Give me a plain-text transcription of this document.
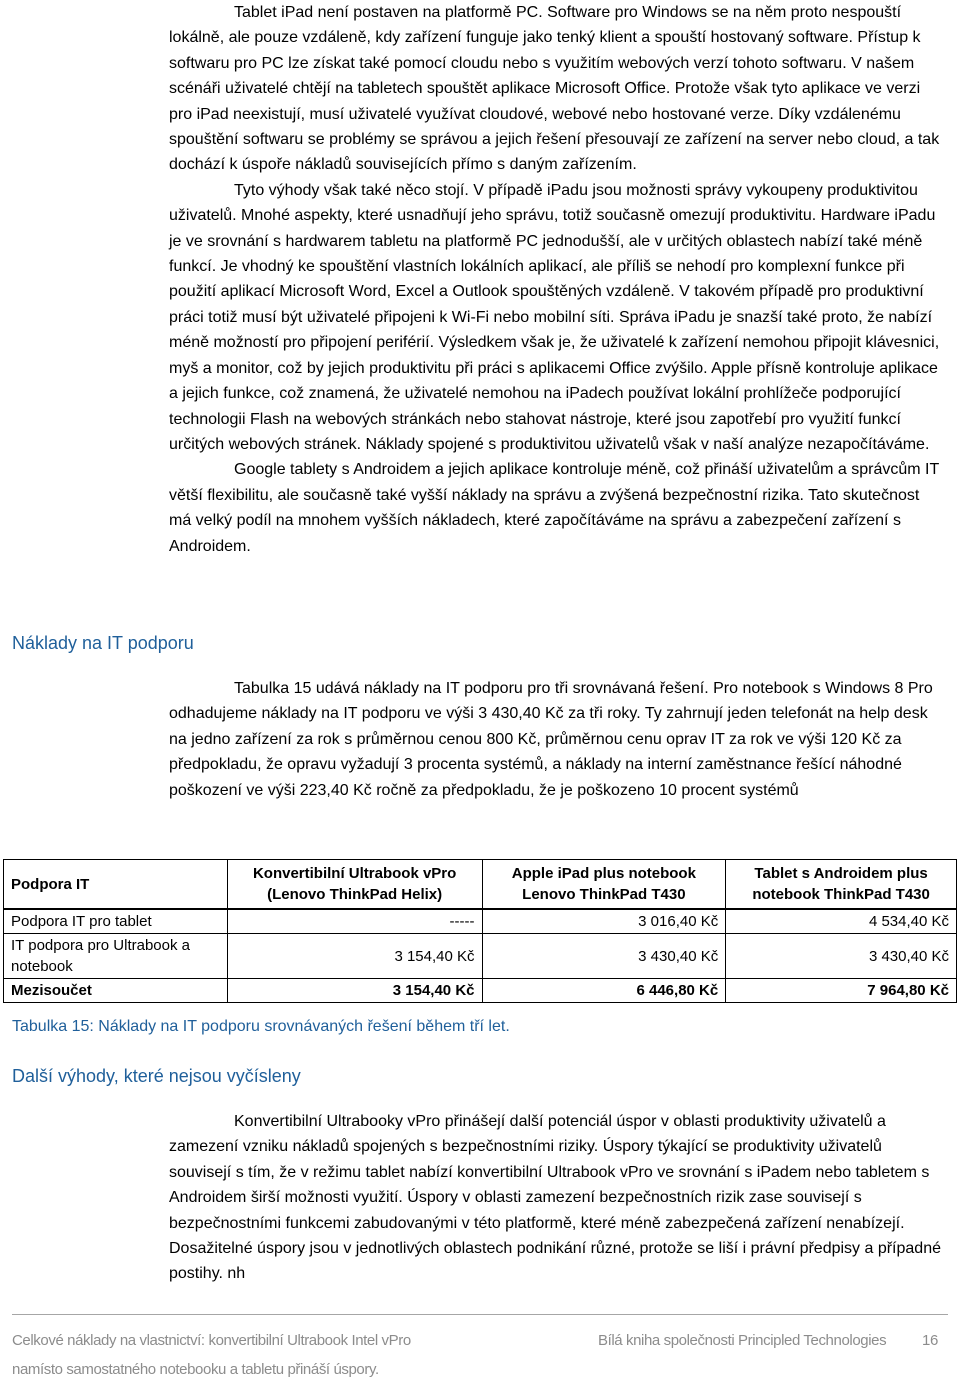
Tablet iPad není postaven na platformě PC. Software pro Windows se na něm proto nespouští lokálně, ale pouze vzdáleně, kdy zařízení funguje jako tenký klient a spouští hostovaný software. Přístup k softwaru pro PC lze získat také pomocí cloudu nebo s využitím webových verzí tohoto softwaru. V našem scénáři uživatelé chtějí na tabletech spouštět aplikace Microsoft Office. Protože však tyto aplikace ve verzi pro iPad neexistují, musí uživatelé využívat cloudové, webové nebo hostované verze. Díky vzdálenému spouštění softwaru se problémy se správou a jejich řešení přesouvají ze zařízení na server nebo cloud, a tak dochází k úspoře nákladů souvisejících přímo s daným zařízením.

Tyto výhody však také něco stojí. V případě iPadu jsou možnosti správy vykoupeny produktivitou uživatelů. Mnohé aspekty, které usnadňují jeho správu, totiž současně omezují produktivitu. Hardware iPadu je ve srovnání s hardwarem tabletu na platformě PC jednodušší, ale v určitých oblastech nabízí také méně funkcí. Je vhodný ke spouštění vlastních lokálních aplikací, ale příliš se nehodí pro komplexní funkce při použití aplikací Microsoft Word, Excel a Outlook spouštěných vzdáleně. V takovém případě pro produktivní práci totiž musí být uživatelé připojeni k Wi-Fi nebo mobilní síti. Správa iPadu je snazší také proto, že nabízí méně možností pro připojení periférií. Výsledkem však je, že uživatelé k zařízení nemohou připojit klávesnici, myš a monitor, což by jejich produktivitu při práci s aplikacemi Office zvýšilo. Apple přísně kontroluje aplikace a jejich funkce, což znamená, že uživatelé nemohou na iPadech používat lokální prohlížeče podporující technologii Flash na webových stránkách nebo stahovat nástroje, které jsou zapotřebí pro využití funkcí určitých webových stránek. Náklady spojené s produktivitou uživatelů však v naší analýze nezapočítáváme.

Google tablety s Androidem a jejich aplikace kontroluje méně, což přináší uživatelům a správcům IT větší flexibilitu, ale současně také vyšší náklady na správu a zvýšená bezpečnostní rizika. Tato skutečnost má velký podíl na mnohem vyšších nákladech, které započítáváme na správu a zabezpečení zařízení s Androidem.

Náklady na IT podporu

Tabulka 15 udává náklady na IT podporu pro tři srovnávaná řešení. Pro notebook s Windows 8 Pro odhadujeme náklady na IT podporu ve výši 3 430,40 Kč za tři roky. Ty zahrnují jeden telefonát na help desk na jedno zařízení za rok s průměrnou cenou 800 Kč, průměrnou cenu oprav IT za rok ve výši 120 Kč za předpokladu, že opravu vyžadují 3 procenta systémů, a náklady na interní zaměstnance řešící náhodné poškození ve výši 223,40 Kč ročně za předpokladu, že je poškozeno 10 procent systémů

Podpora IT	Konvertibilní Ultrabook vPro (Lenovo ThinkPad Helix)	Apple iPad plus notebook Lenovo ThinkPad T430	Tablet s Androidem plus notebook ThinkPad T430
Podpora IT pro tablet	-----	3 016,40 Kč	4 534,40 Kč
IT podpora pro Ultrabook a notebook	3 154,40 Kč	3 430,40 Kč	3 430,40 Kč
Mezisoučet	3 154,40 Kč	6 446,80 Kč	7 964,80 Kč
Tabulka 15: Náklady na IT podporu srovnávaných řešení během tří let.
Další výhody, které nejsou vyčísleny

Konvertibilní Ultrabooky vPro přinášejí další potenciál úspor v oblasti produktivity uživatelů a zamezení vzniku nákladů spojených s bezpečnostními riziky. Úspory týkající se produktivity uživatelů souvisejí s tím, že v režimu tablet nabízí konvertibilní Ultrabook vPro ve srovnání s iPadem nebo tabletem s Androidem širší možnosti využití. Úspory v oblasti zamezení bezpečnostních rizik zase souvisejí s bezpečnostními funkcemi zabudovanými v této platformě, které méně zabezpečená zařízení nenabízejí. Dosažitelné úspory jsou v jednotlivých oblastech podnikání různé, protože se liší i právní předpisy a případné postihy. nh

Celkové náklady na vlastnictví: konvertibilní Ultrabook Intel vPro
namísto samostatného notebooku a tabletu přináší úspory.
Bílá kniha společnosti Principled Technologies 16
